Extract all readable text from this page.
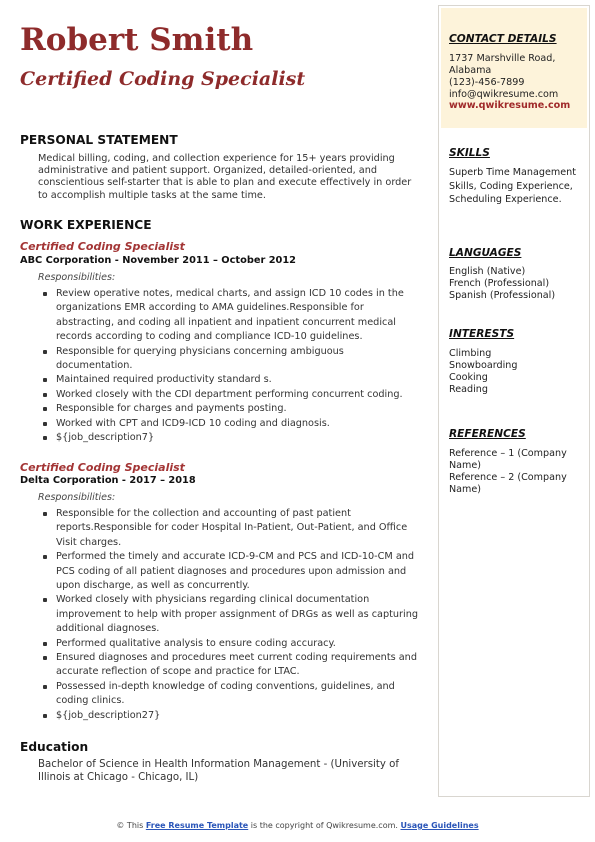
Robert Smith
Certified Coding Specialist
PERSONAL STATEMENT
Medical billing, coding, and collection experience for 15+ years providing administrative and patient support. Organized, detailed-oriented, and conscientious self-starter that is able to plan and execute effectively in order to accomplish multiple tasks at the same time.
WORK EXPERIENCE
Certified Coding Specialist
ABC Corporation - November 2011 – October 2012
Responsibilities:
Review operative notes, medical charts, and assign ICD 10 codes in the organizations EMR according to AMA guidelines.Responsible for abstracting, and coding all inpatient and inpatient concurrent medical records according to coding and compliance ICD-10 guidelines.
Responsible for querying physicians concerning ambiguous documentation.
Maintained required productivity standard s.
Worked closely with the CDI department performing concurrent coding.
Responsible for charges and payments posting.
Worked with CPT and ICD9-ICD 10 coding and diagnosis.
${job_description7}
Certified Coding Specialist
Delta Corporation - 2017 – 2018
Responsibilities:
Responsible for the collection and accounting of past patient reports.Responsible for coder Hospital In-Patient, Out-Patient, and Office Visit charges.
Performed the timely and accurate ICD-9-CM and PCS and ICD-10-CM and PCS coding of all patient diagnoses and procedures upon admission and upon discharge, as well as concurrently.
Worked closely with physicians regarding clinical documentation improvement to help with proper assignment of DRGs as well as capturing additional diagnoses.
Performed qualitative analysis to ensure coding accuracy.
Ensured diagnoses and procedures meet current coding requirements and accurate reflection of scope and practice for LTAC.
Possessed in-depth knowledge of coding conventions, guidelines, and coding clinics.
${job_description27}
Education
Bachelor of Science in Health Information Management - (University of Illinois at Chicago - Chicago, IL)
CONTACT DETAILS
1737 Marshville Road,
Alabama
(123)-456-7899
info@qwikresume.com
www.qwikresume.com
SKILLS
Superb Time Management Skills, Coding Experience, Scheduling Experience.
LANGUAGES
English (Native)
French (Professional)
Spanish (Professional)
INTERESTS
Climbing
Snowboarding
Cooking
Reading
REFERENCES
Reference – 1 (Company Name)
Reference – 2 (Company Name)
© This Free Resume Template is the copyright of Qwikresume.com. Usage Guidelines
